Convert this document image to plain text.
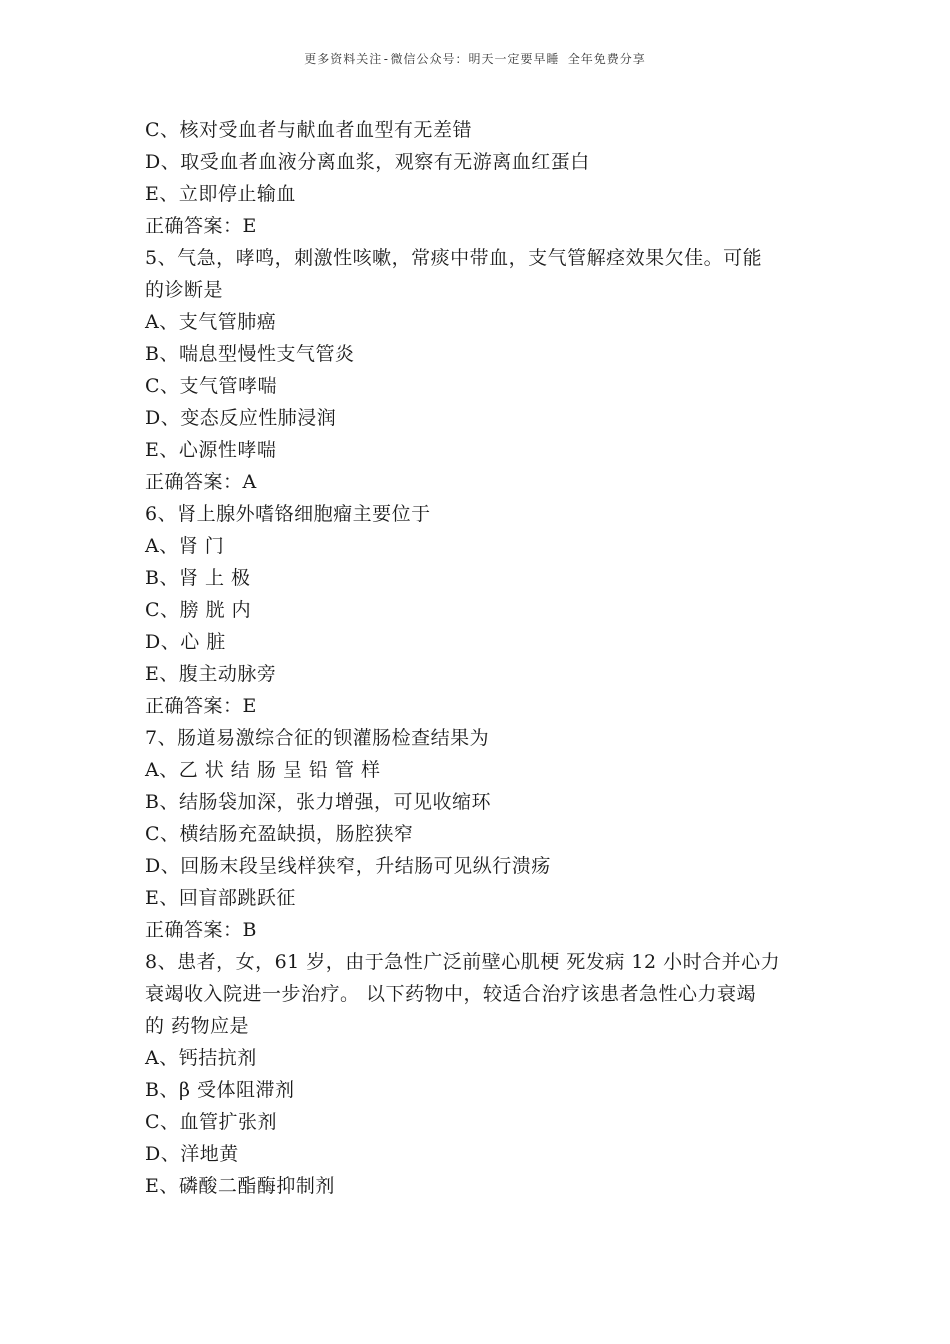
更多资料关注-微信公众号：明天一定要早睡 全年免费分享
C、核对受血者与献血者血型有无差错
D、取受血者血液分离血浆，观察有无游离血红蛋白
E、立即停止输血
正确答案：E
5、气急，哮鸣，刺激性咳嗽，常痰中带血，支气管解痉效果欠佳。可能
的诊断是
A、支气管肺癌
B、喘息型慢性支气管炎
C、支气管哮喘
D、变态反应性肺浸润
E、心源性哮喘
正确答案：A
6、肾上腺外嗜铬细胞瘤主要位于
A、肾 门
B、肾 上 极
C、膀 胱 内
D、心 脏
E、腹主动脉旁
正确答案：E
7、肠道易激综合征的钡灌肠检查结果为
A、乙 状 结 肠 呈 铅 管 样
B、结肠袋加深，张力增强，可见收缩环
C、横结肠充盈缺损，肠腔狭窄
D、回肠末段呈线样狭窄，升结肠可见纵行溃疡
E、回盲部跳跃征
正确答案：B
8、患者，女，61 岁，由于急性广泛前壁心肌梗 死发病 12 小时合并心力
衰竭收入院进一步治疗。 以下药物中，较适合治疗该患者急性心力衰竭
的 药物应是
A、钙拮抗剂
B、β 受体阻滞剂
C、血管扩张剂
D、洋地黄
E、磷酸二酯酶抑制剂
